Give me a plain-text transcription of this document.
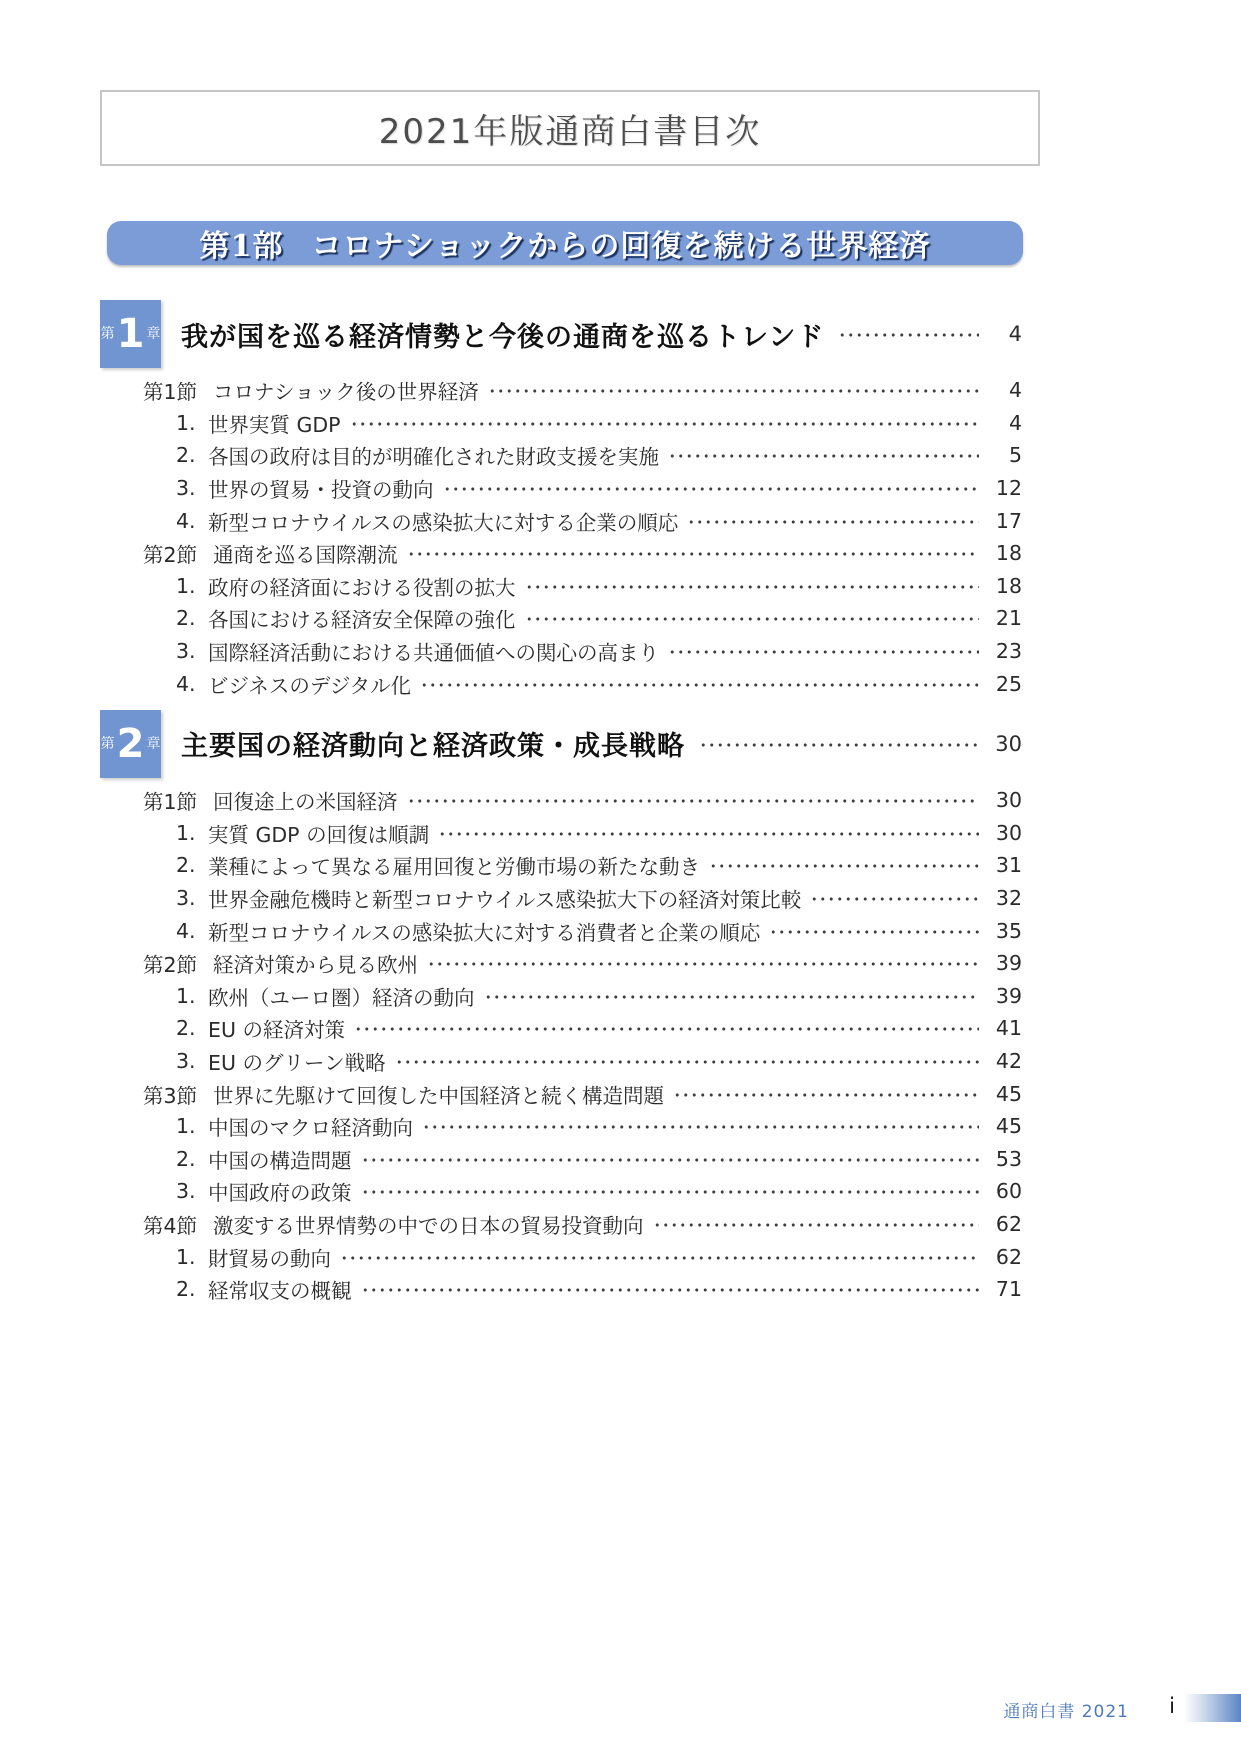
2021年版通商白書目次
第1部 コロナショックからの回復を続ける世界経済
第 1 章 我が国を巡る経済情勢と今後の通商を巡るトレンド	4
第1節 コロナショック後の世界経済	4
1. 世界実質 GDP	4
2. 各国の政府は目的が明確化された財政支援を実施	5
3. 世界の貿易・投資の動向	12
4. 新型コロナウイルスの感染拡大に対する企業の順応	17
第2節 通商を巡る国際潮流	18
1. 政府の経済面における役割の拡大	18
2. 各国における経済安全保障の強化	21
3. 国際経済活動における共通価値への関心の高まり	23
4. ビジネスのデジタル化	25
第 2 章 主要国の経済動向と経済政策・成長戦略	30
第1節 回復途上の米国経済	30
1. 実質 GDP の回復は順調	30
2. 業種によって異なる雇用回復と労働市場の新たな動き	31
3. 世界金融危機時と新型コロナウイルス感染拡大下の経済対策比較	32
4. 新型コロナウイルスの感染拡大に対する消費者と企業の順応	35
第2節 経済対策から見る欧州	39
1. 欧州（ユーロ圏）経済の動向	39
2. EU の経済対策	41
3. EU のグリーン戦略	42
第3節 世界に先駆けて回復した中国経済と続く構造問題	45
1. 中国のマクロ経済動向	45
2. 中国の構造問題	53
3. 中国政府の政策	60
第4節 激変する世界情勢の中での日本の貿易投資動向	62
1. 財貿易の動向	62
2. 経常収支の概観	71
通商白書 2021 i
